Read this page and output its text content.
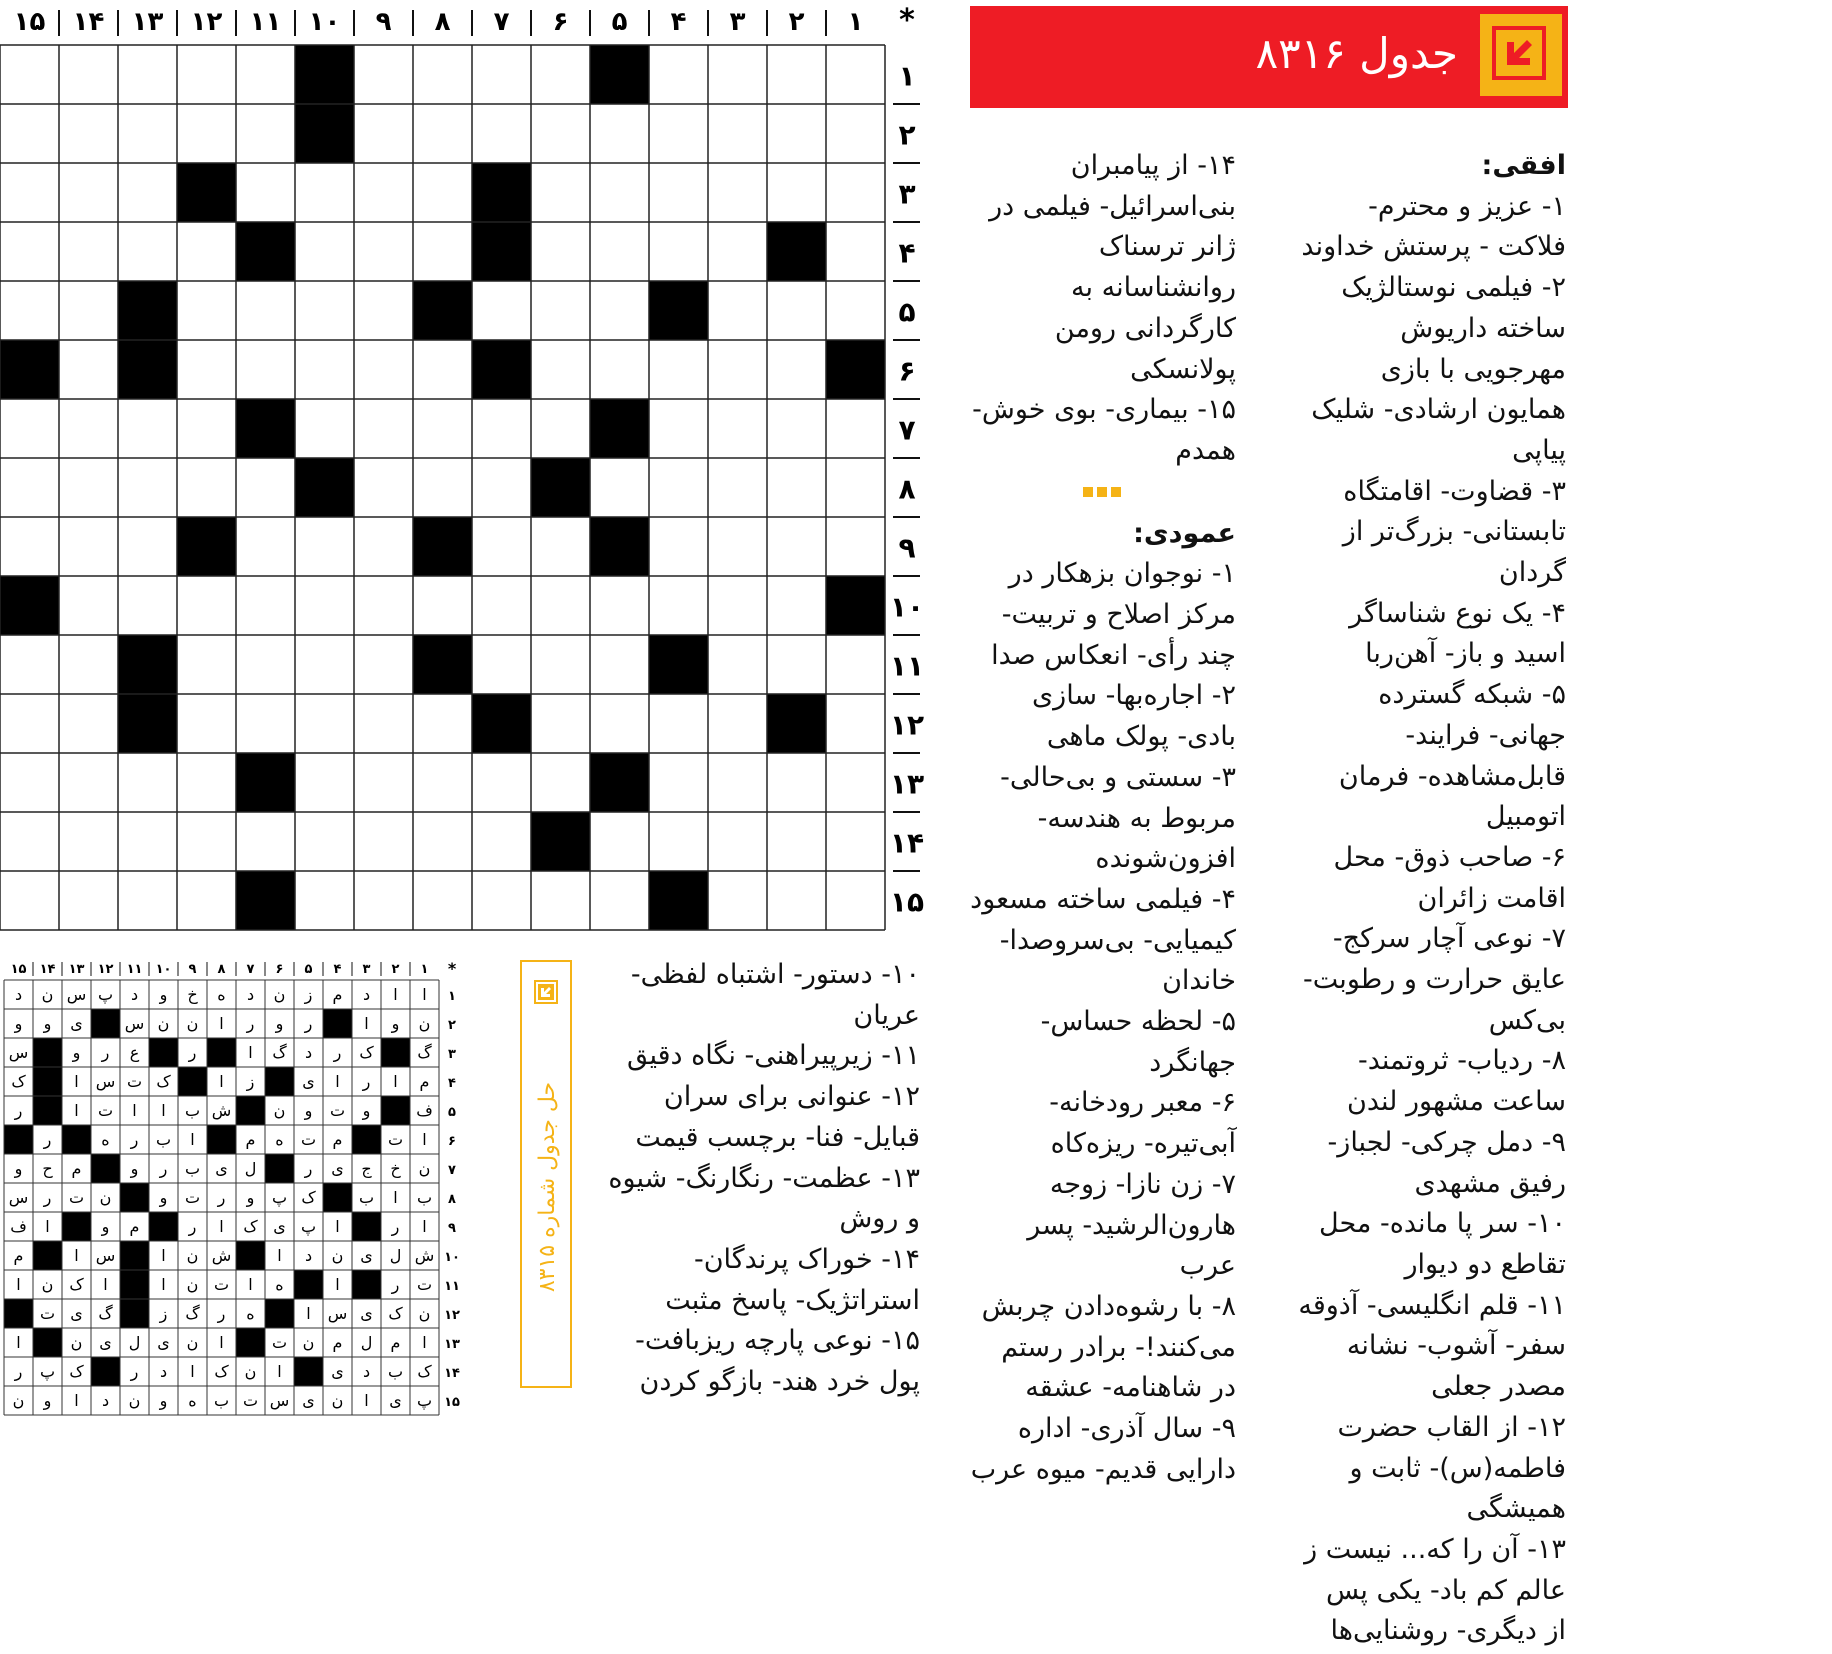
۱
۲
۳
۴
۵
۶
۷
۸
۹
۱۰
۱۱
۱۲
۱۳
۱۴
۱۵	*
۱
۲
۳
۴
۵
۶
۷
۸
۹
۱۰
۱۱
۱۲
۱۳
۱۴
۱۵
جدول ۸۳۱۶
افقی:

۱- عزیز و محترم- فلاکت - پرستش خداوند

۲- فیلمی نوستالژیک ساخته داریوش مهرجویی با بازی همایون ارشادی- شلیک پیاپی

۳- قضاوت- اقامتگاه تابستانی- بزرگ‌تر از گردان

۴- یک نوع شناساگر اسید و باز- آهن‌ربا

۵- شبکه گسترده جهانی- فرایند- قابل‌مشاهده- فرمان اتومبیل

۶- صاحب ذوق- محل اقامت زائران

۷- نوعی آچار سرکج- عایق حرارت و رطوبت- بی‌کس

۸- ردیاب- ثروتمند- ساعت مشهور لندن

۹- دمل چرکی- لجباز- رفیق مشهدی

۱۰- سر پا مانده- محل تقاطع دو دیوار

۱۱- قلم انگلیسی- آذوقه سفر- آشوب- نشانه مصدر جعلی

۱۲- از القاب حضرت فاطمه(س)- ثابت و همیشگی

۱۳- آن را که... نیست ز عالم کم باد- یکی پس از دیگری- روشنایی‌ها

۱۴- از پیامبران بنی‌اسرائیل- فیلمی در ژانر ترسناک روانشناسانه به کارگردانی رومن پولانسکی

۱۵- بیماری- بوی خوش- همدم

عمودی:

۱- نوجوان بزهکار در مرکز اصلاح و تربیت- چند رأی- انعکاس صدا

۲- اجاره‌بها- سازی بادی- پولک ماهی

۳- سستی و بی‌حالی- مربوط به هندسه- افزون‌شونده

۴- فیلمی ساخته مسعود کیمیایی- بی‌سروصدا- خاندان

۵- لحظه حساس- جهانگرد

۶- معبر رودخانه- آبی‌تیره- ریزه‌کاه

۷- زن نازا- زوجه هارون‌الرشید- پسر عرب

۸- با رشوه‌دادن چربش می‌کنند!- برادر رستم در شاهنامه- عشقه

۹- سال آذری- اداره دارایی قدیم- میوه عرب

۱۰- دستور- اشتباه لفظی- عریان

۱۱- زیرپیراهنی- نگاه دقیق

۱۲- عنوانی برای سران قبایل- فنا- برچسب قیمت

۱۳- عظمت- رنگارنگ- شیوه و روش

۱۴- خوراک پرندگان- استراتژیک- پاسخ مثبت

۱۵- نوعی پارچه ریزبافت- پول خرد هند- بازگو کردن

حل جدول شماره ۸۳۱۵
۱
۲
۳
۴
۵
۶
۷
۸
۹
۱۰
۱۱
۱۲
۱۳
۱۴
۱۵	*
۱
۲
۳
۴
۵
۶
۷
۸
۹
۱۰
۱۱
۱۲
۱۳
۱۴
۱۵
ا
ا
د
م
ز
ن
د
ه
خ
و
د
پ
س
ن
د
ن
و
ا
ر
و
ر
ا
ن
ن
س
ی
و
و
گ
ک
ر
د
گ
ا
ر
ع
ر
و
س
م
ا
ر
ا
ی
ز
ا
ک
ت
س
ا
ک
ف
و
ت
و
ن
ش
ب
ا
ا
ت
ا
ر
ا
ت
م
ت
ه
م
ا
ب
ر
ه
ر
ن
خ
ج
ی
ر
ل
ی
ب
ر
و
م
ح
و
ب
ا
ب
ک
پ
و
ر
ت
و
ن
ت
ر
س
ا
ر
ا
پ
ی
ک
ا
ر
م
و
ا
ف
ش
ل
ی
ن
د
ا
ش
ن
ا
س
ا
م
ت
ر
ا
ه
ا
ت
ن
ا
ا
ک
ن
ا
ن
ک
ی
س
ا
ه
ر
گ
ز
گ
ی
ت
ا
م
ل
م
ن
ت
ا
ن
ی
ل
ی
ن
ا
ک
ب
د
ی
ا
ن
ک
ا
د
ر
ک
پ
ر
پ
ی
ا
ن
ی
س
ت
ب
ه
و
ن
د
ا
و
ن
